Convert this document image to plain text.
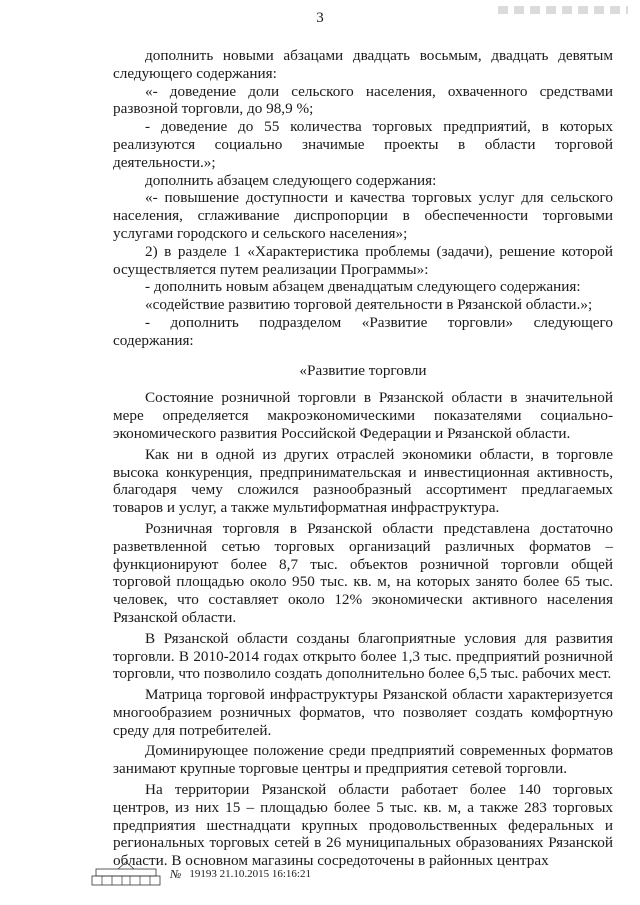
3

дополнить новыми абзацами двадцать восьмым, двадцать девятым следующего содержания:

«- доведение доли сельского населения, охваченного средствами развозной торговли, до 98,9 %;

- доведение до 55 количества торговых предприятий, в которых реализуются социально значимые проекты в области торговой деятельности.»;

дополнить абзацем следующего содержания:

«- повышение доступности и качества торговых услуг для сельского населения, сглаживание диспропорции в обеспеченности торговыми услугами городского и сельского населения»;

2) в разделе 1 «Характеристика проблемы (задачи), решение которой осуществляется путем реализации Программы»:

- дополнить новым абзацем двенадцатым следующего содержания:

«содействие развитию торговой деятельности в Рязанской области.»;

- дополнить подразделом «Развитие торговли» следующего содержания:

«Развитие торговли

Состояние розничной торговли в Рязанской области в значительной мере определяется макроэкономическими показателями социально-экономического развития Российской Федерации и Рязанской области.

Как ни в одной из других отраслей экономики области, в торговле высока конкуренция, предпринимательская и инвестиционная активность, благодаря чему сложился разнообразный ассортимент предлагаемых товаров и услуг, а также мультиформатная инфраструктура.

Розничная торговля в Рязанской области представлена достаточно разветвленной сетью торговых организаций различных форматов – функционируют более 8,7 тыс. объектов розничной торговли общей торговой площадью около 950 тыс. кв. м, на которых занято более 65 тыс. человек, что составляет около 12% экономически активного населения Рязанской области.

В Рязанской области созданы благоприятные условия для развития торговли. В 2010-2014 годах открыто более 1,3 тыс. предприятий розничной торговли, что позволило создать дополнительно более 6,5 тыс. рабочих мест.

Матрица торговой инфраструктуры Рязанской области характеризуется многообразием розничных форматов, что позволяет создать комфортную среду для потребителей.

Доминирующее положение среди предприятий современных форматов занимают крупные торговые центры и предприятия сетевой торговли.

На территории Рязанской области работает более 140 торговых центров, из них 15 – площадью более 5 тыс. кв. м, а также 283 торговых предприятия шестнадцати крупных продовольственных федеральных и региональных торговых сетей в 26 муниципальных образованиях Рязанской области. В основном магазины сосредоточены в районных центрах

№ 19193 21.10.2015 16:16:21
